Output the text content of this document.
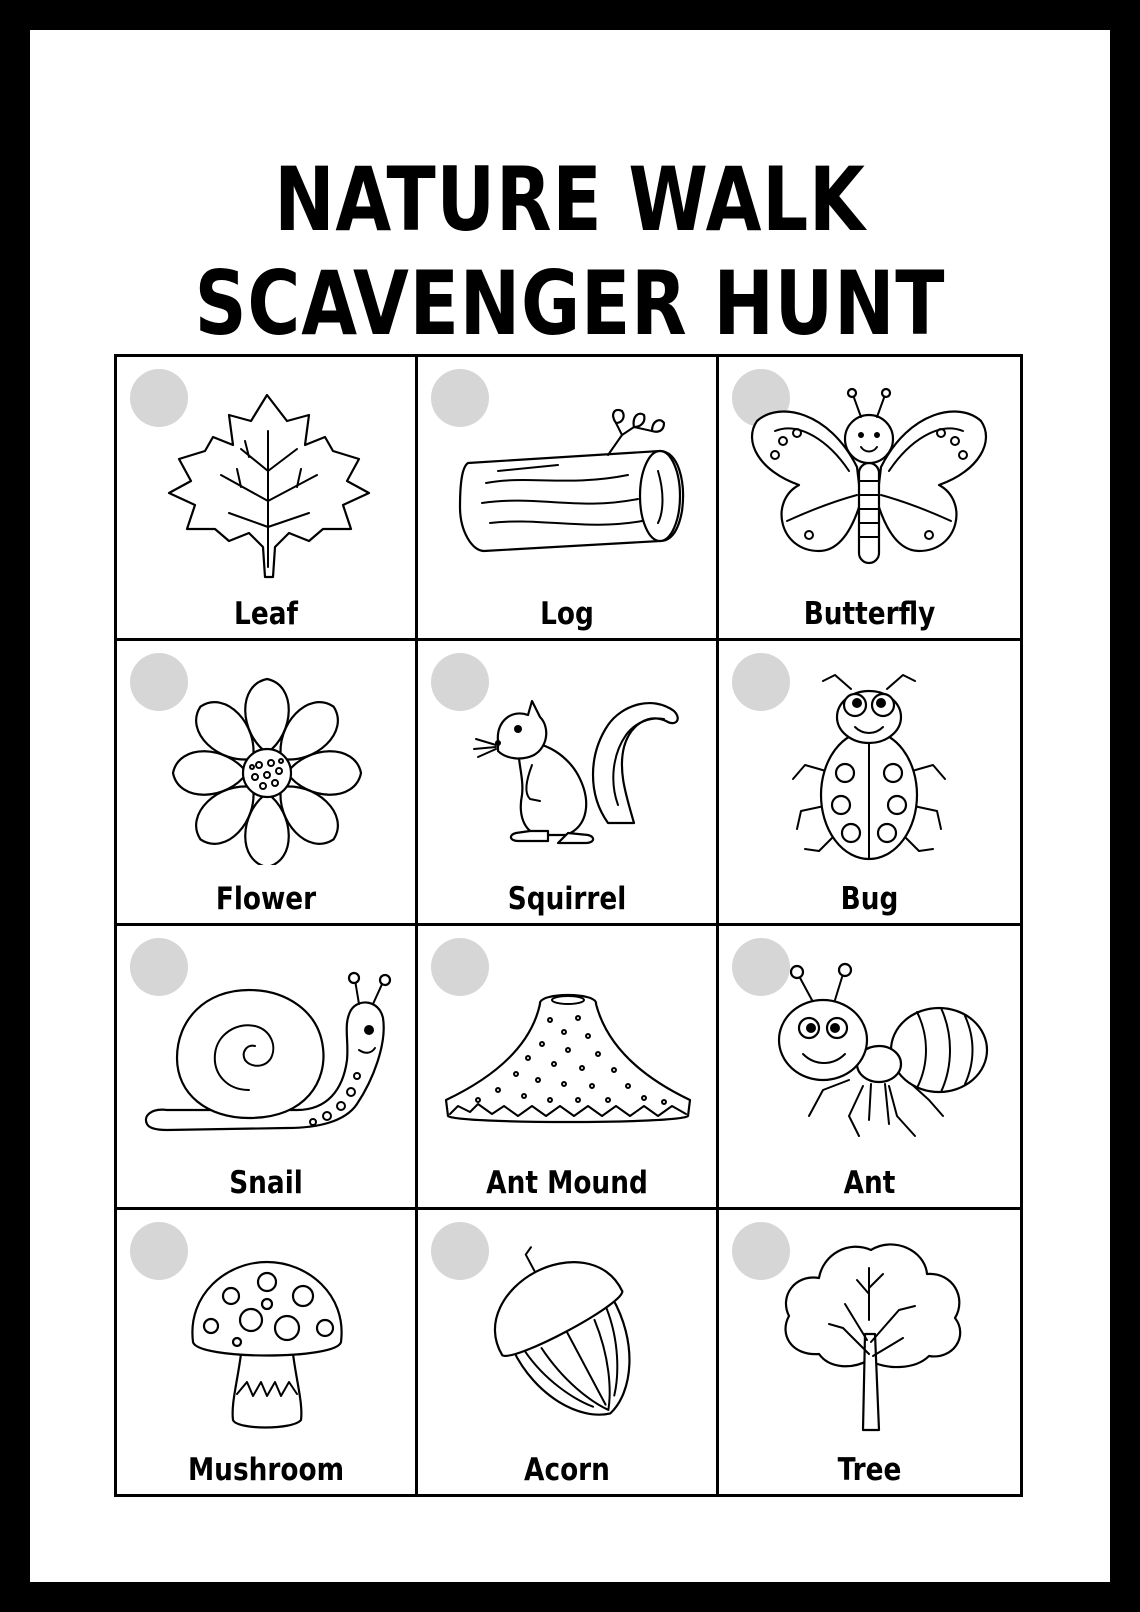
NATURE WALK
SCAVENGER HUNT
Leaf	Log	Butterfly
Flower	Squirrel	Bug
Snail	Ant Mound	Ant
Mushroom	Acorn	Tree
